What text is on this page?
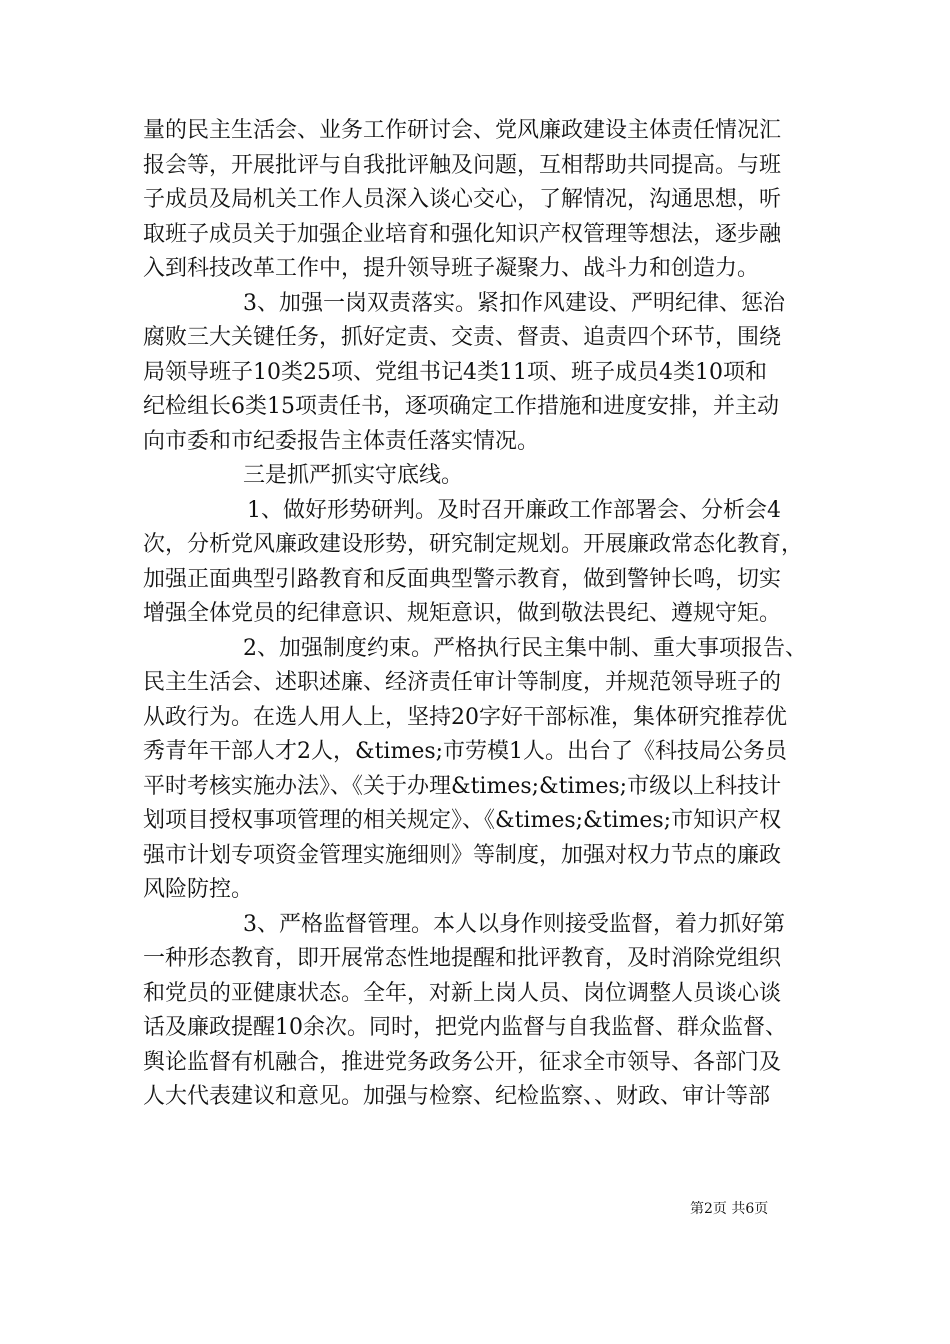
量的民主生活会、业务工作研讨会、党风廉政建设主体责任情况汇
报会等，开展批评与自我批评触及问题，互相帮助共同提高。与班
子成员及局机关工作人员深入谈心交心，了解情况，沟通思想，听
取班子成员关于加强企业培育和强化知识产权管理等想法，逐步融
入到科技改革工作中，提升领导班子凝聚力、战斗力和创造力。
3、加强一岗双责落实。紧扣作风建设、严明纪律、惩治
腐败三大关键任务，抓好定责、交责、督责、追责四个环节，围绕
局领导班子10类25项、党组书记4类11项、班子成员4类10项和
纪检组长6类15项责任书，逐项确定工作措施和进度安排，并主动
向市委和市纪委报告主体责任落实情况。
三是抓严抓实守底线。
1、做好形势研判。及时召开廉政工作部署会、分析会4
次，分析党风廉政建设形势，研究制定规划。开展廉政常态化教育，
加强正面典型引路教育和反面典型警示教育，做到警钟长鸣，切实
增强全体党员的纪律意识、规矩意识，做到敬法畏纪、遵规守矩。
2、加强制度约束。严格执行民主集中制、重大事项报告、
民主生活会、述职述廉、经济责任审计等制度，并规范领导班子的
从政行为。在选人用人上，坚持20字好干部标准，集体研究推荐优
秀青年干部人才2人，&times;市劳模1人。出台了《科技局公务员
平时考核实施办法》、《关于办理&times;&times;市级以上科技计
划项目授权事项管理的相关规定》、《&times;&times;市知识产权
强市计划专项资金管理实施细则》等制度，加强对权力节点的廉政
风险防控。
3、严格监督管理。本人以身作则接受监督，着力抓好第
一种形态教育，即开展常态性地提醒和批评教育，及时消除党组织
和党员的亚健康状态。全年，对新上岗人员、岗位调整人员谈心谈
话及廉政提醒10余次。同时，把党内监督与自我监督、群众监督、
舆论监督有机融合，推进党务政务公开，征求全市领导、各部门及
人大代表建议和意见。加强与检察、纪检监察、、财政、审计等部
第2页 共6页
